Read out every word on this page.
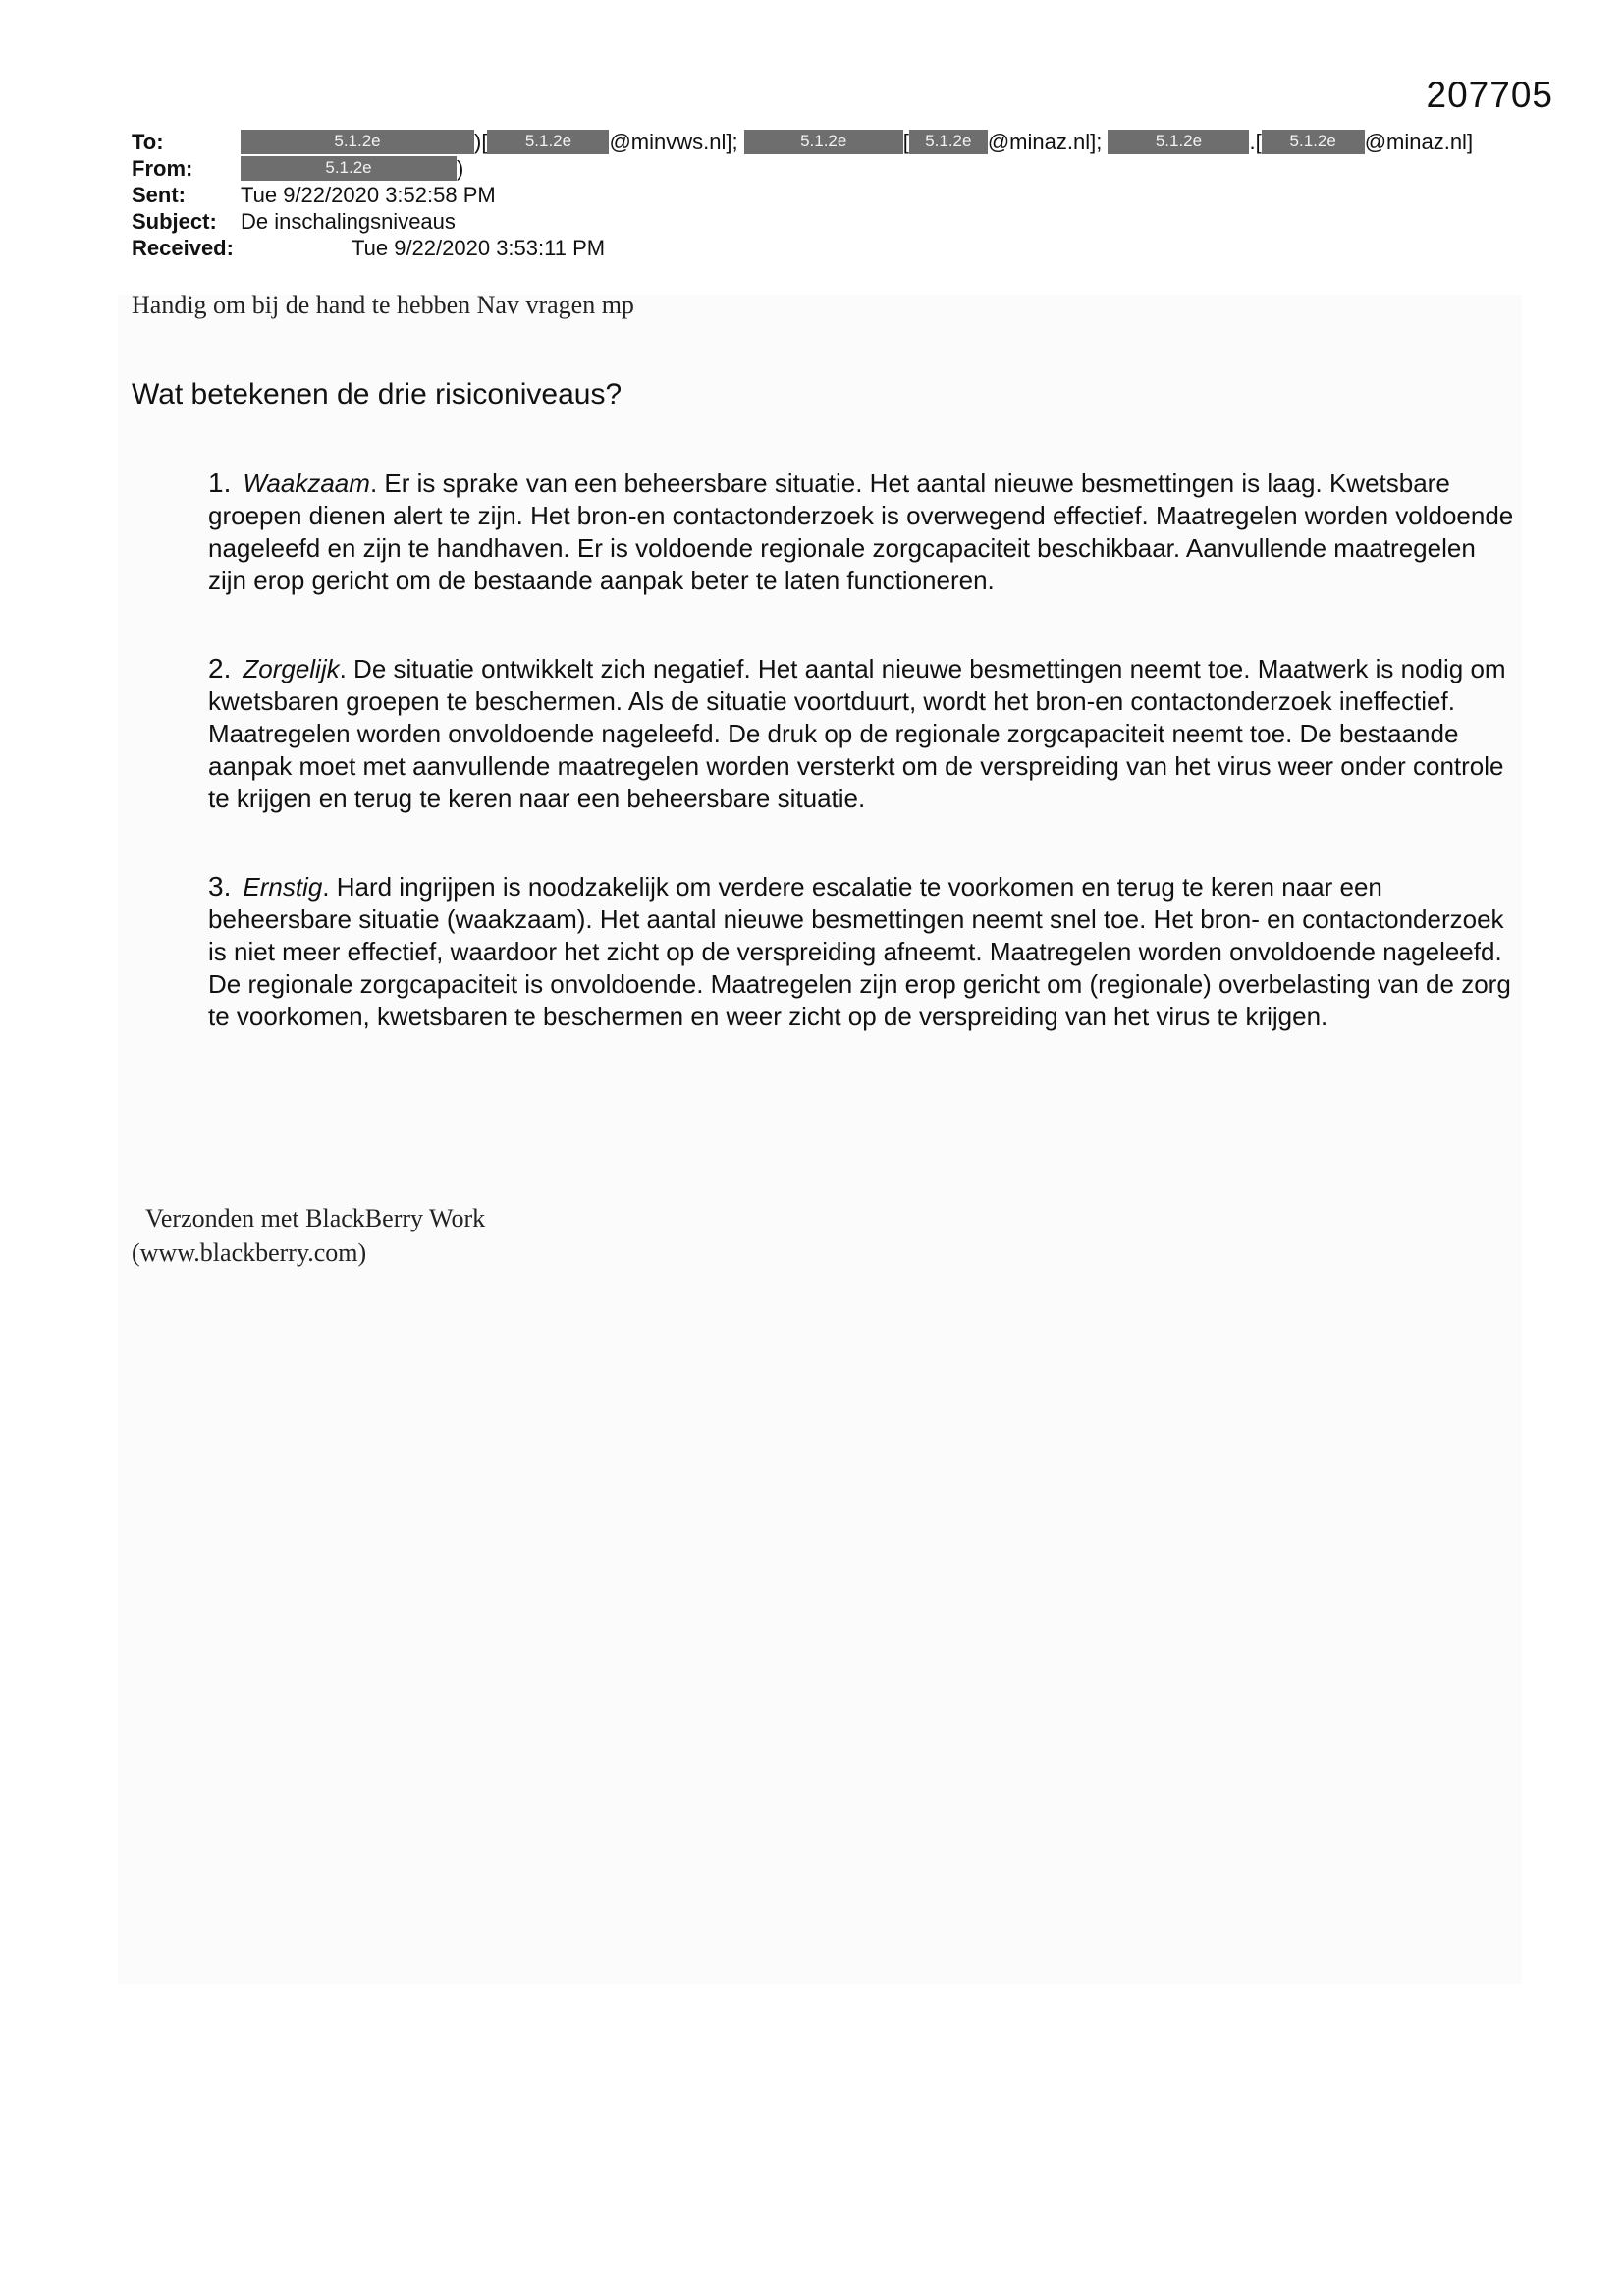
207705
To:	5.1.2e	)[ 5.1.2e @minvws.nl];	5.1.2e	[ 5.1.2e @minaz.nl];	5.1.2e .[ 5.1.2e @minaz.nl]
From:	5.1.2e	)
Sent:	Tue 9/22/2020 3:52:58 PM
Subject: De inschalingsniveaus
Received:	Tue 9/22/2020 3:53:11 PM
Handig om bij de hand te hebben Nav vragen mp
Wat betekenen de drie risiconiveaus?

1. Waakzaam. Er is sprake van een beheersbare situatie. Het aantal nieuwe besmettingen is laag. Kwetsbare groepen dienen alert te zijn. Het bron-en contactonderzoek is overwegend effectief. Maatregelen worden voldoende nageleefd en zijn te handhaven. Er is voldoende regionale zorgcapaciteit beschikbaar. Aanvullende maatregelen zijn erop gericht om de bestaande aanpak beter te laten functioneren.

2. Zorgelijk. De situatie ontwikkelt zich negatief. Het aantal nieuwe besmettingen neemt toe. Maatwerk is nodig om kwetsbaren groepen te beschermen. Als de situatie voortduurt, wordt het bron-en contactonderzoek ineffectief. Maatregelen worden onvoldoende nageleefd. De druk op de regionale zorgcapaciteit neemt toe. De bestaande aanpak moet met aanvullende maatregelen worden versterkt om de verspreiding van het virus weer onder controle te krijgen en terug te keren naar een beheersbare situatie.

3. Ernstig. Hard ingrijpen is noodzakelijk om verdere escalatie te voorkomen en terug te keren naar een beheersbare situatie (waakzaam). Het aantal nieuwe besmettingen neemt snel toe. Het bron- en contactonderzoek is niet meer effectief, waardoor het zicht op de verspreiding afneemt. Maatregelen worden onvoldoende nageleefd. De regionale zorgcapaciteit is onvoldoende. Maatregelen zijn erop gericht om (regionale) overbelasting van de zorg te voorkomen, kwetsbaren te beschermen en weer zicht op de verspreiding van het virus te krijgen.

Verzonden met BlackBerry Work
(www.blackberry.com)
